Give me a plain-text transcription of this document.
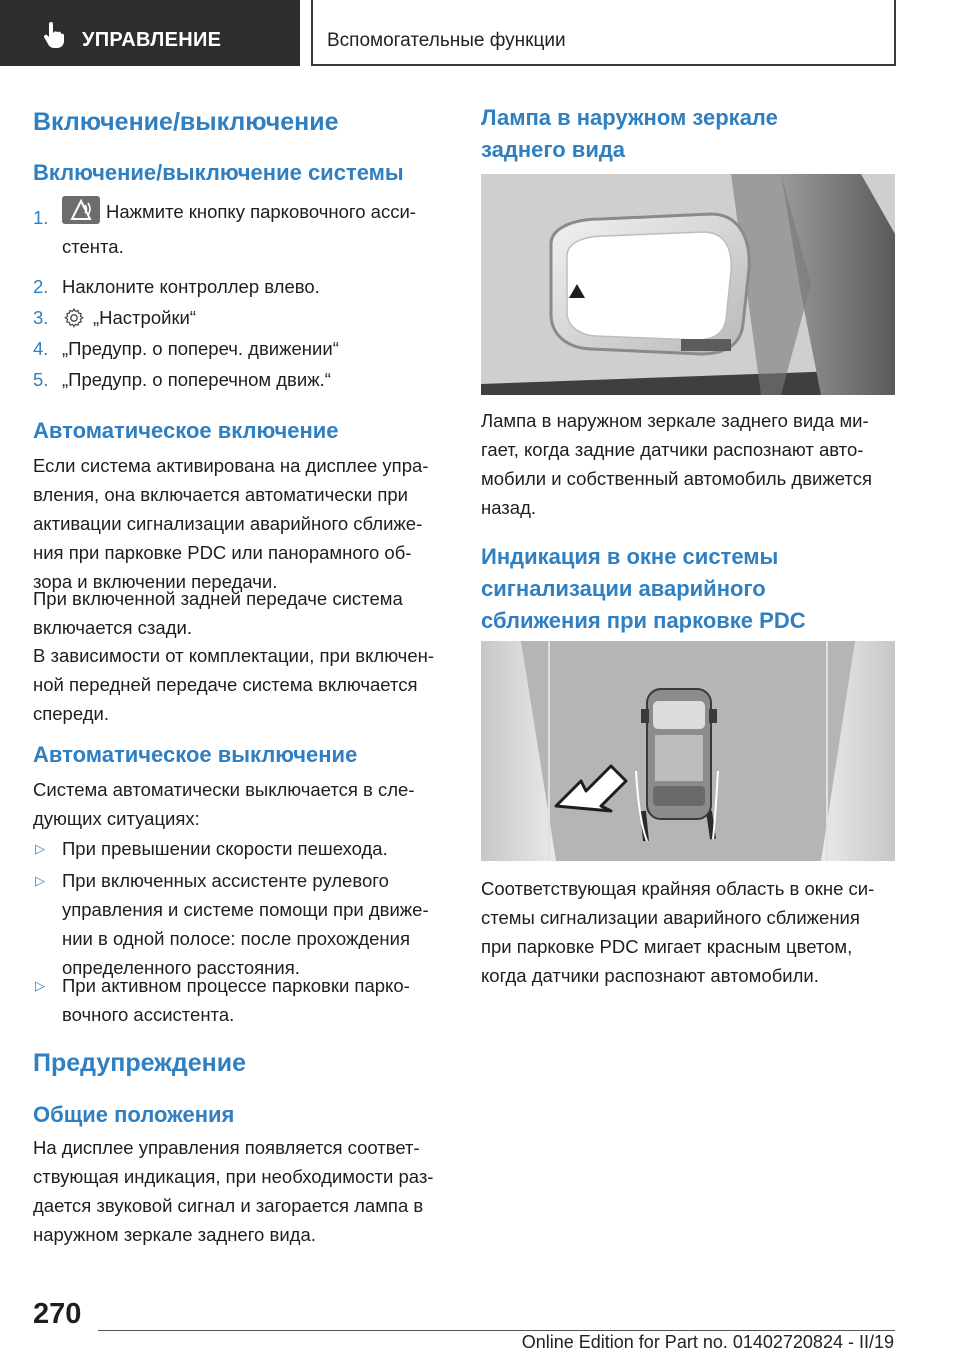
УПРАВЛЕНИЕ	Вспомогательные функции
Включение/выключение
Включение/выключение системы
1.	Нажмите кнопку парковочного асси-
стента.
2. Наклоните контроллер влево.
3. „Настройки“
4. „Предупр. о попереч. движении“
5. „Предупр. о поперечном движ.“
Автоматическое включение
Если система активирована на дисплее упра-
вления, она включается автоматически при
активации сигнализации аварийного сближе-
ния при парковке PDC или панорамного об-
зора и включении передачи.
При включенной задней передаче система
включается сзади.
В зависимости от комплектации, при включен-
ной передней передаче система включается
спереди.
Автоматическое выключение
Система автоматически выключается в сле-
дующих ситуациях:
▷ При превышении скорости пешехода.
▷ При включенных ассистенте рулевого
управления и системе помощи при движе-
нии в одной полосе: после прохождения
определенного расстояния.
▷ При активном процессе парковки парко-
вочного ассистента.
Предупреждение
Общие положения
На дисплее управления появляется соответ-
ствующая индикация, при необходимости раз-
дается звуковой сигнал и загорается лампа в
наружном зеркале заднего вида.
Лампа в наружном зеркале
заднего вида
Лампа в наружном зеркале заднего вида ми-
гает, когда задние датчики распознают авто-
мобили и собственный автомобиль движется
назад.
Индикация в окне системы
сигнализации аварийного
сближения при парковке PDC
Соответствующая крайняя область в окне си-
стемы сигнализации аварийного сближения
при парковке PDC мигает красным цветом,
когда датчики распознают автомобили.
270
Online Edition for Part no. 01402720824 - II/19
